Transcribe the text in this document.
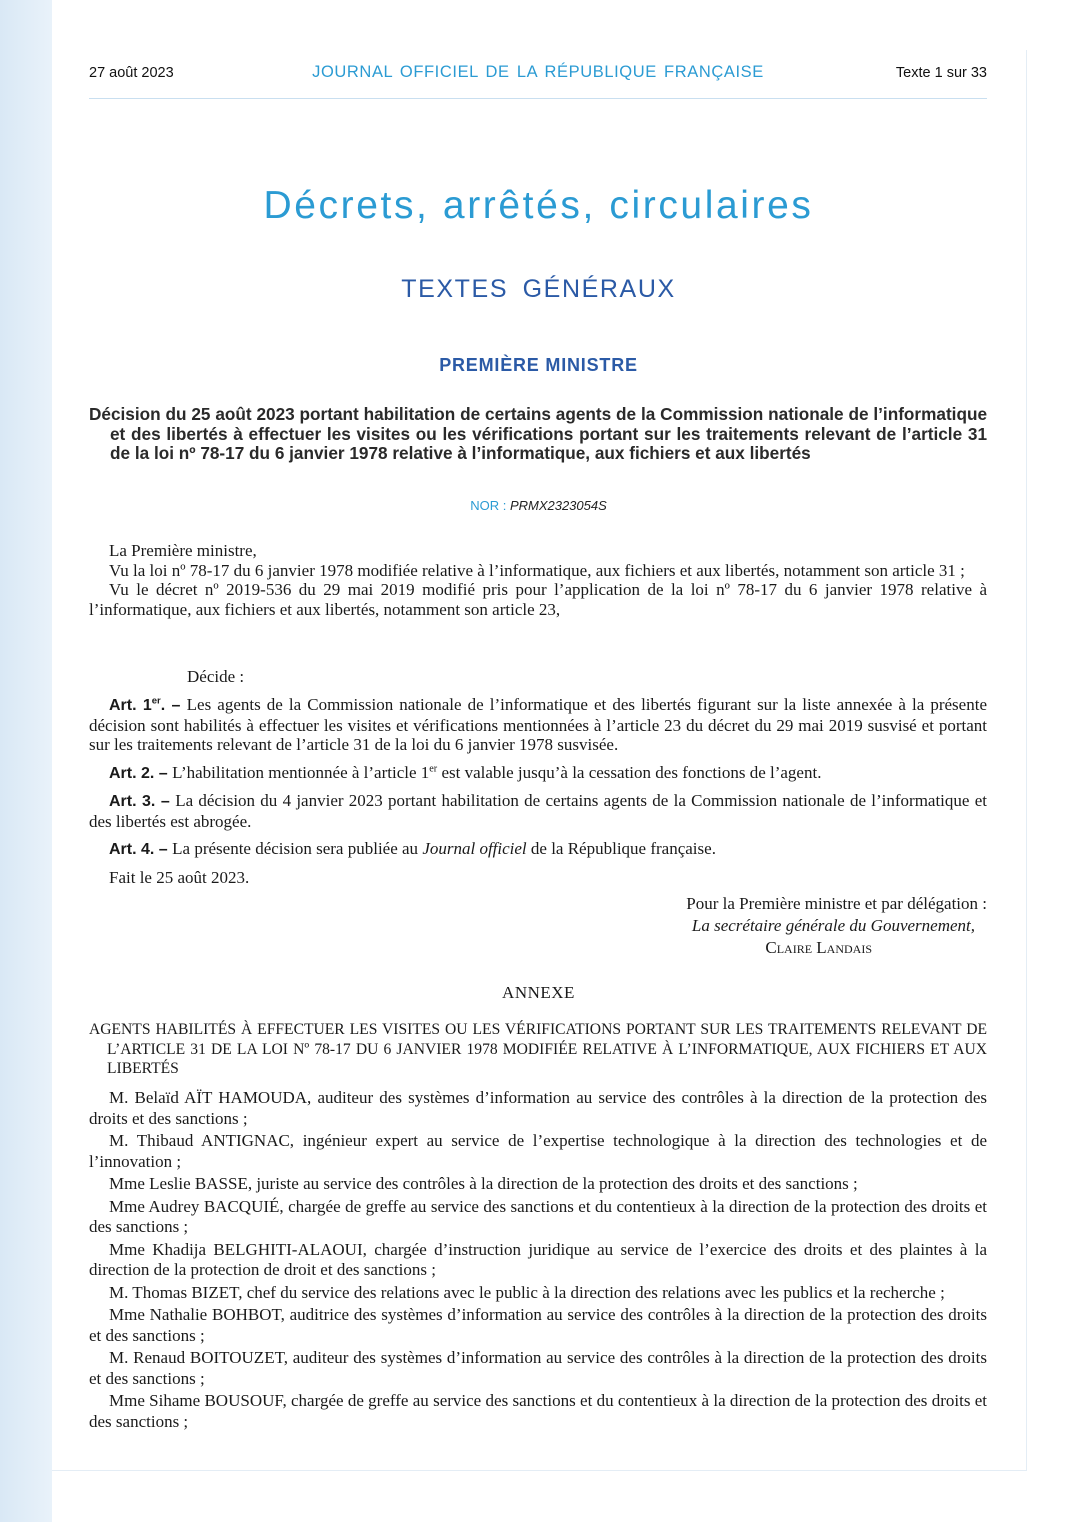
27 août 2023	JOURNAL OFFICIEL DE LA RÉPUBLIQUE FRANÇAISE	Texte 1 sur 33
Décrets, arrêtés, circulaires
TEXTES GÉNÉRAUX
PREMIÈRE MINISTRE
Décision du 25 août 2023 portant habilitation de certains agents de la Commission nationale de l’informatique et des libertés à effectuer les visites ou les vérifications portant sur les traitements relevant de l’article 31 de la loi nº 78-17 du 6 janvier 1978 relative à l’informatique, aux fichiers et aux libertés
NOR : PRMX2323054S

La Première ministre,

Vu la loi nº 78-17 du 6 janvier 1978 modifiée relative à l’informatique, aux fichiers et aux libertés, notamment son article 31 ;

Vu le décret nº 2019-536 du 29 mai 2019 modifié pris pour l’application de la loi nº 78-17 du 6 janvier 1978 relative à l’informatique, aux fichiers et aux libertés, notamment son article 23,

Décide :

Art. 1er. – Les agents de la Commission nationale de l’informatique et des libertés figurant sur la liste annexée à la présente décision sont habilités à effectuer les visites et vérifications mentionnées à l’article 23 du décret du 29 mai 2019 susvisé et portant sur les traitements relevant de l’article 31 de la loi du 6 janvier 1978 susvisée.

Art. 2. – L’habilitation mentionnée à l’article 1er est valable jusqu’à la cessation des fonctions de l’agent.

Art. 3. – La décision du 4 janvier 2023 portant habilitation de certains agents de la Commission nationale de l’informatique et des libertés est abrogée.

Art. 4. – La présente décision sera publiée au Journal officiel de la République française.

Fait le 25 août 2023.

Pour la Première ministre et par délégation :
La secrétaire générale du Gouvernement,
Claire Landais
ANNEXE
AGENTS HABILITÉS À EFFECTUER LES VISITES OU LES VÉRIFICATIONS PORTANT SUR LES TRAITEMENTS RELEVANT DE L’ARTICLE 31 DE LA LOI Nº 78-17 DU 6 JANVIER 1978 MODIFIÉE RELATIVE À L’INFORMATIQUE, AUX FICHIERS ET AUX LIBERTÉS

M. Belaïd AÏT HAMOUDA, auditeur des systèmes d’information au service des contrôles à la direction de la protection des droits et des sanctions ;

M. Thibaud ANTIGNAC, ingénieur expert au service de l’expertise technologique à la direction des technologies et de l’innovation ;

Mme Leslie BASSE, juriste au service des contrôles à la direction de la protection des droits et des sanctions ;

Mme Audrey BACQUIÉ, chargée de greffe au service des sanctions et du contentieux à la direction de la protection des droits et des sanctions ;

Mme Khadija BELGHITI-ALAOUI, chargée d’instruction juridique au service de l’exercice des droits et des plaintes à la direction de la protection de droit et des sanctions ;

M. Thomas BIZET, chef du service des relations avec le public à la direction des relations avec les publics et la recherche ;

Mme Nathalie BOHBOT, auditrice des systèmes d’information au service des contrôles à la direction de la protection des droits et des sanctions ;

M. Renaud BOITOUZET, auditeur des systèmes d’information au service des contrôles à la direction de la protection des droits et des sanctions ;

Mme Sihame BOUSOUF, chargée de greffe au service des sanctions et du contentieux à la direction de la protection des droits et des sanctions ;
